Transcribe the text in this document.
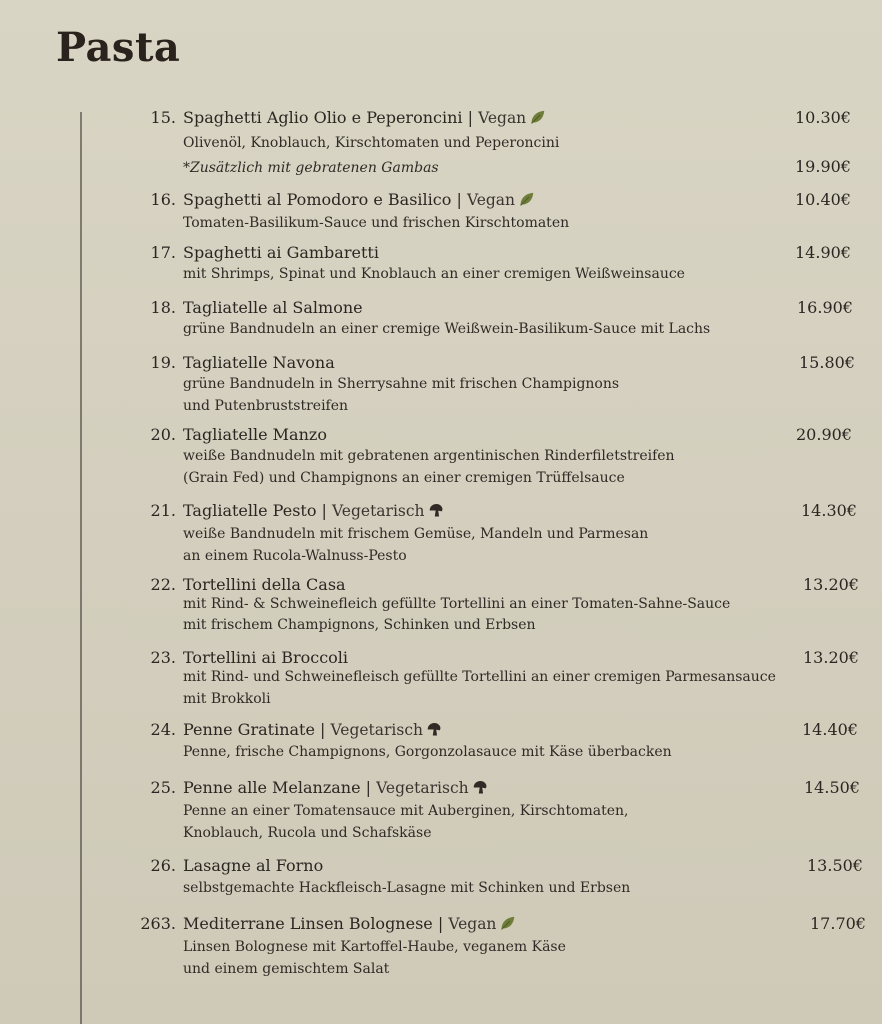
Pasta
15. Spaghetti Aglio Olio e Peperoncini | Vegan	10.30€
Olivenöl, Knoblauch, Kirschtomaten und Peperoncini
*Zusätzlich mit gebratenen Gambas	19.90€
16. Spaghetti al Pomodoro e Basilico | Vegan	10.40€
Tomaten-Basilikum-Sauce und frischen Kirschtomaten
17. Spaghetti ai Gambaretti	14.90€
mit Shrimps, Spinat und Knoblauch an einer cremigen Weißweinsauce
18. Tagliatelle al Salmone	16.90€
grüne Bandnudeln an einer cremige Weißwein-Basilikum-Sauce mit Lachs
19. Tagliatelle Navona	15.80€
grüne Bandnudeln in Sherrysahne mit frischen Champignons
und Putenbruststreifen
20. Tagliatelle Manzo	20.90€
weiße Bandnudeln mit gebratenen argentinischen Rinderfiletstreifen
(Grain Fed) und Champignons an einer cremigen Trüffelsauce
21. Tagliatelle Pesto | Vegetarisch	14.30€
weiße Bandnudeln mit frischem Gemüse, Mandeln und Parmesan
an einem Rucola-Walnuss-Pesto
22. Tortellini della Casa	13.20€
mit Rind- & Schweinefleich gefüllte Tortellini an einer Tomaten-Sahne-Sauce
mit frischem Champignons, Schinken und Erbsen
23. Tortellini ai Broccoli	13.20€
mit Rind- und Schweinefleisch gefüllte Tortellini an einer cremigen Parmesansauce
mit Brokkoli
24. Penne Gratinate | Vegetarisch	14.40€
Penne, frische Champignons, Gorgonzolasauce mit Käse überbacken
25. Penne alle Melanzane | Vegetarisch	14.50€
Penne an einer Tomatensauce mit Auberginen, Kirschtomaten,
Knoblauch, Rucola und Schafskäse
26. Lasagne al Forno	13.50€
selbstgemachte Hackfleisch-Lasagne mit Schinken und Erbsen
263. Mediterrane Linsen Bolognese | Vegan	17.70€
Linsen Bolognese mit Kartoffel-Haube, veganem Käse
und einem gemischtem Salat
